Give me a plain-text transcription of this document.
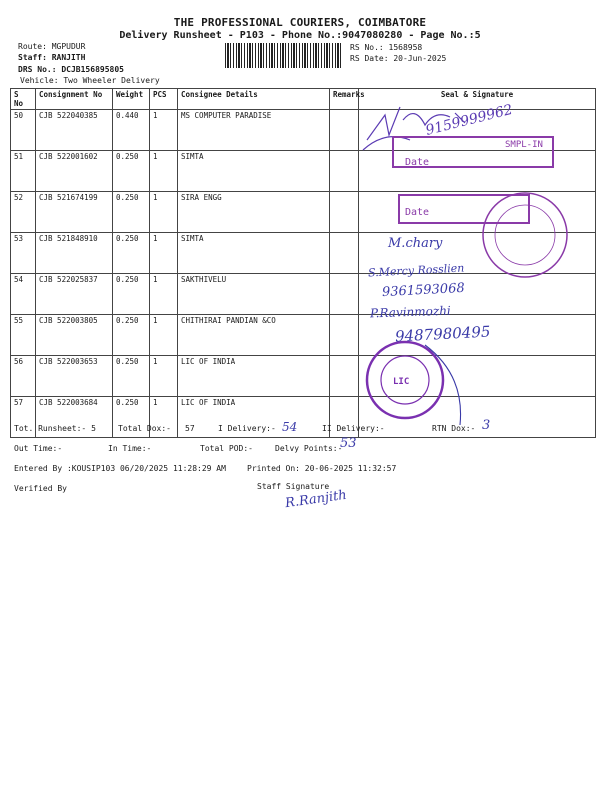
THE PROFESSIONAL COURIERS, COIMBATORE
Delivery Runsheet - P103 - Phone No.:9047080280 - Page No.:5
Route: MGPUDUR
Staff: RANJITH
DRS No.: DCJB156895805
Vehicle: Two Wheeler Delivery
RS No.: 1568958
RS Date: 20-Jun-2025
S No	Consignment No	Weight	PCS	Consignee Details	Remarks	Seal & Signature
50	CJB 522040385	0.440	1	MS COMPUTER PARADISE		
51	CJB 522001602	0.250	1	SIMTA		
52	CJB 521674199	0.250	1	SIRA ENGG		
53	CJB 521848910	0.250	1	SIMTA		
54	CJB 522025837	0.250	1	SAKTHIVELU		
55	CJB 522003805	0.250	1	CHITHIRAI PANDIAN &CO		
56	CJB 522003653	0.250	1	LIC OF INDIA		
57	CJB 522003684	0.250	1	LIC OF INDIA		
9159999962
SMPL-IN
Date
Date
LIC
M.chary
S.Mercy Rosslien
9361593068
P.Ravinmozhi
9487980495
Tot. Runsheet:- 5	Total Dox:- 57	I Delivery:- 54	II Delivery:-	RTN Dox:- 3
Out Time:-	In Time:-	Total POD:-	Delvy Points:-
53
Entered By :KOUSIP103 06/20/2025 11:28:29 AM	Printed On: 20-06-2025 11:32:57
Verified By	Staff Signature
R.Ranjith
